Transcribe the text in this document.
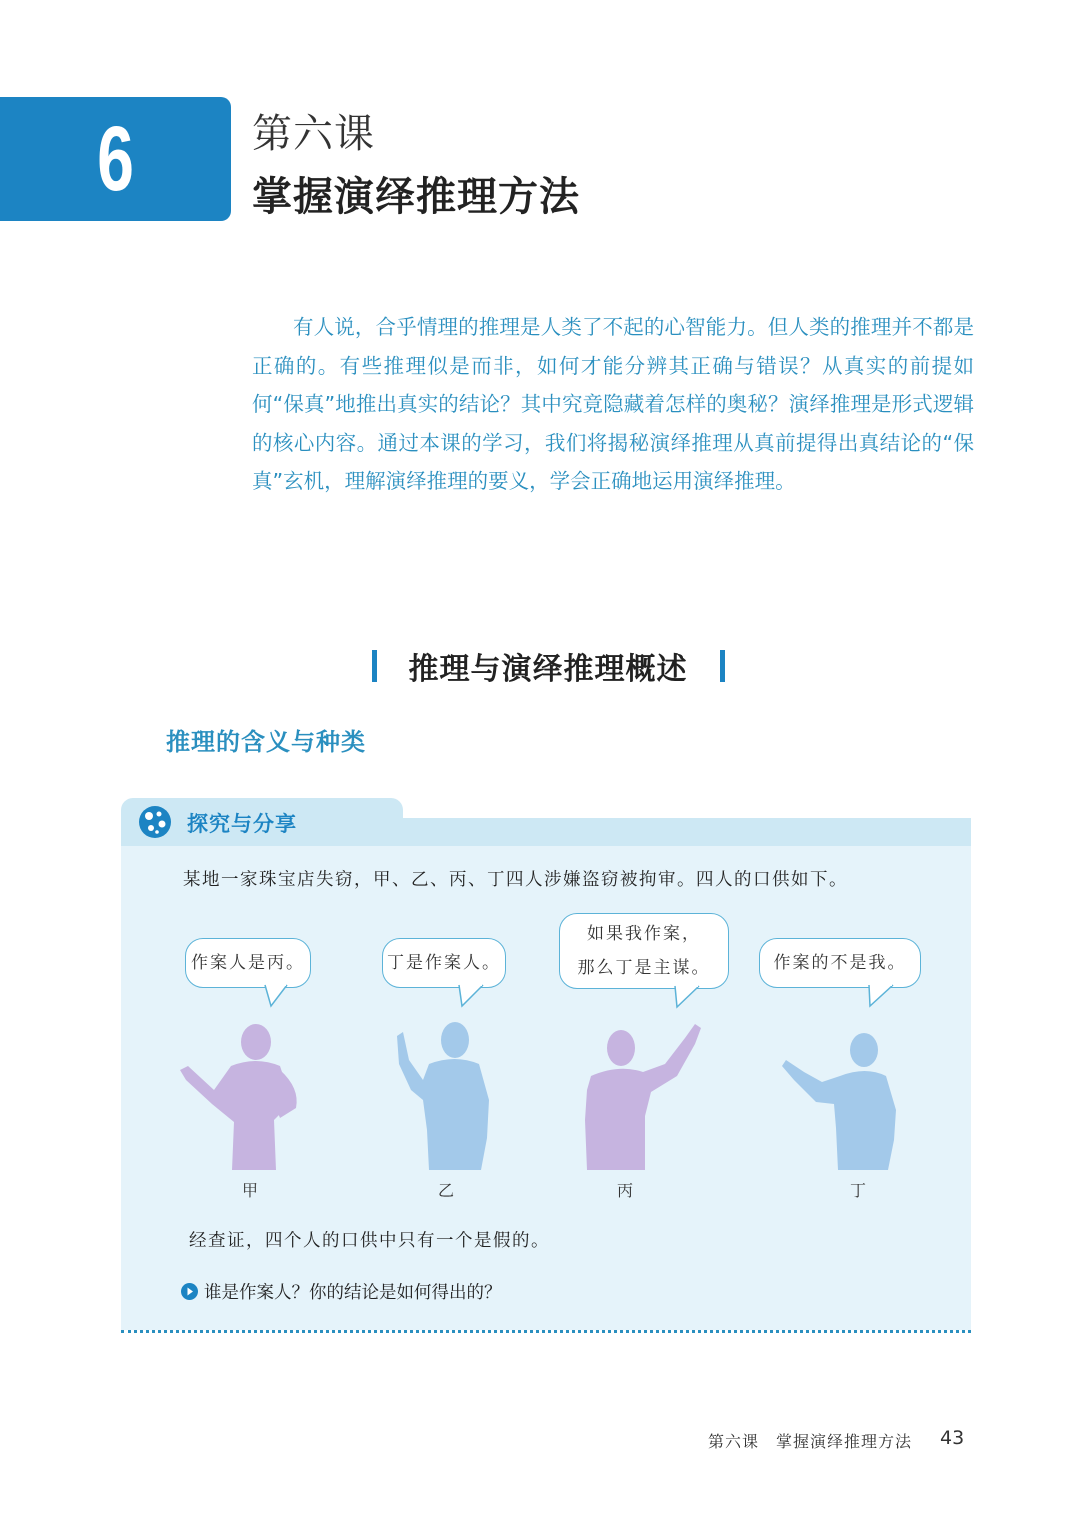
6	第六课
掌握演绎推理方法

有人说，合乎情理的推理是人类了不起的心智能力。但人类的推理并不都是正确的。有些推理似是而非，如何才能分辨其正确与错误？从真实的前提如何“保真”地推出真实的结论？其中究竟隐藏着怎样的奥秘？演绎推理是形式逻辑的核心内容。通过本课的学习，我们将揭秘演绎推理从真前提得出真结论的“保真”玄机，理解演绎推理的要义，学会正确地运用演绎推理。

推理与演绎推理概述
推理的含义与种类
探究与分享
某地一家珠宝店失窃，甲、乙、丙、丁四人涉嫌盗窃被拘审。四人的口供如下。
作案人是丙。	丁是作案人。
如果我作案，
那么丁是主谋。	作案的不是我。
甲	乙	丙	丁
经查证，四个人的口供中只有一个是假的。
谁是作案人？你的结论是如何得出的？
第六课　掌握演绎推理方法 43
